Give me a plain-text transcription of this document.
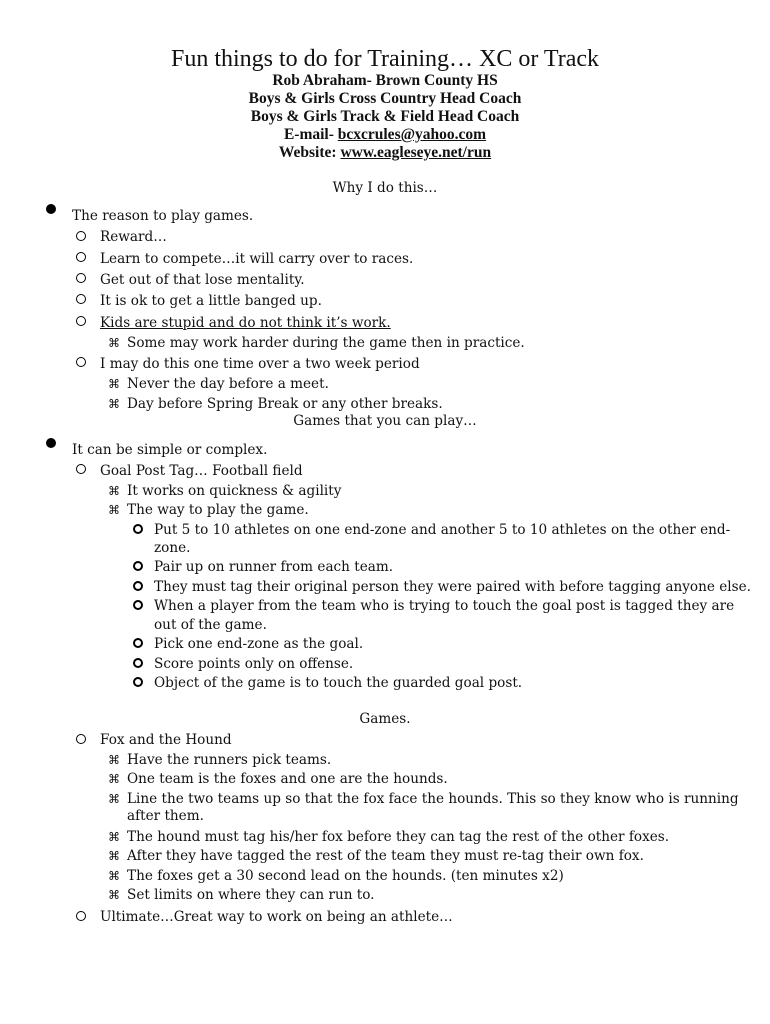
Fun things to do for Training… XC or Track
Rob Abraham- Brown County HS
Boys & Girls Cross Country Head Coach
Boys & Girls Track & Field Head Coach
E-mail- bcxcrules@yahoo.com
Website: www.eagleseye.net/run
Why I do this…
The reason to play games.
Reward…
Learn to compete…it will carry over to races.
Get out of that lose mentality.
It is ok to get a little banged up.
Kids are stupid and do not think it’s work.
⌘ Some may work harder during the game then in practice.
I may do this one time over a two week period
⌘ Never the day before a meet.
⌘ Day before Spring Break or any other breaks.
Games that you can play…
It can be simple or complex.
Goal Post Tag… Football field
⌘ It works on quickness & agility
⌘ The way to play the game.
Put 5 to 10 athletes on one end-zone and another 5 to 10 athletes on the other end-
zone.
Pair up on runner from each team.
They must tag their original person they were paired with before tagging anyone else.
When a player from the team who is trying to touch the goal post is tagged they are
out of the game.
Pick one end-zone as the goal.
Score points only on offense.
Object of the game is to touch the guarded goal post.
Games.
Fox and the Hound
⌘ Have the runners pick teams.
⌘ One team is the foxes and one are the hounds.
⌘ Line the two teams up so that the fox face the hounds. This so they know who is running
after them.
⌘ The hound must tag his/her fox before they can tag the rest of the other foxes.
⌘ After they have tagged the rest of the team they must re-tag their own fox.
⌘ The foxes get a 30 second lead on the hounds. (ten minutes x2)
⌘ Set limits on where they can run to.
Ultimate…Great way to work on being an athlete…
